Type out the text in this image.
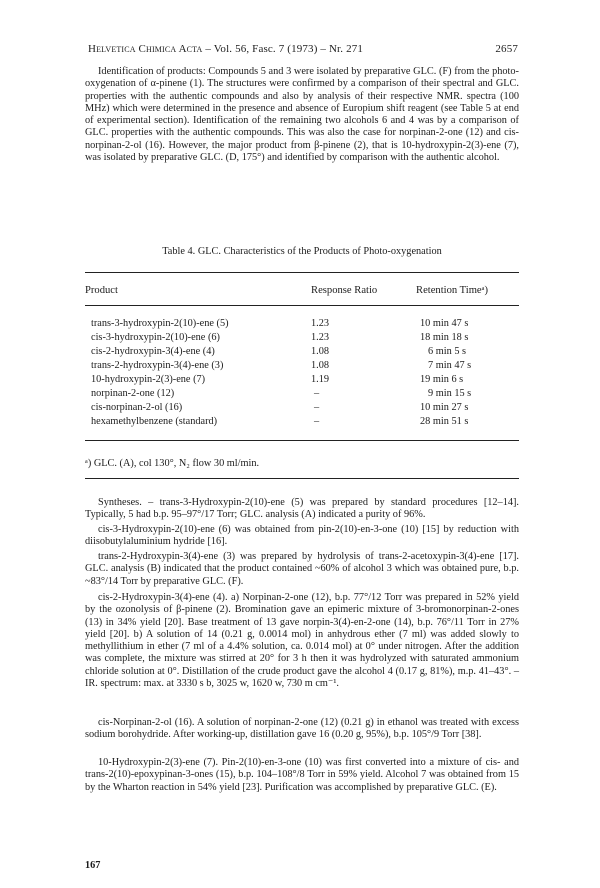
Helvetica Chimica Acta – Vol. 56, Fasc. 7 (1973) – Nr. 271	2657

Identification of products: Compounds 5 and 3 were isolated by preparative GLC. (F) from the photo-oxygenation of α-pinene (1). The structures were confirmed by a comparison of their spectral and GLC. properties with the authentic compounds and also by analysis of their respective NMR. spectra (100 MHz) which were determined in the presence and absence of Europium shift reagent (see Table 5 at end of experimental section). Identification of the remaining two alcohols 6 and 4 was by a comparison of GLC. properties with the authentic compounds. This was also the case for norpinan-2-one (12) and cis-norpinan-2-ol (16). However, the major product from β-pinene (2), that is 10-hydroxypin-2(3)-ene (7), was isolated by preparative GLC. (D, 175°) and identified by comparison with the authentic alcohol.

Table 4. GLC. Characteristics of the Products of Photo-oxygenation
Product	Response Ratio	Retention Timeᵃ)
trans-3-hydroxypin-2(10)-ene (5)	1.23	10 min 47 s
cis-3-hydroxypin-2(10)-ene (6)	1.23	18 min 18 s
cis-2-hydroxypin-3(4)-ene (4)	1.08	6 min 5 s
trans-2-hydroxypin-3(4)-ene (3)	1.08	7 min 47 s
10-hydroxypin-2(3)-ene (7)	1.19	19 min 6 s
norpinan-2-one (12)	–	9 min 15 s
cis-norpinan-2-ol (16)	–	10 min 27 s
hexamethylbenzene (standard)	–	28 min 51 s
ᵃ) GLC. (A), col 130°, N₂ flow 30 ml/min.

Syntheses. – trans-3-Hydroxypin-2(10)-ene (5) was prepared by standard procedures [12–14]. Typically, 5 had b.p. 95–97°/17 Torr; GLC. analysis (A) indicated a purity of 96%.

cis-3-Hydroxypin-2(10)-ene (6) was obtained from pin-2(10)-en-3-one (10) [15] by reduction with diisobutylaluminium hydride [16].

trans-2-Hydroxypin-3(4)-ene (3) was prepared by hydrolysis of trans-2-acetoxypin-3(4)-ene [17]. GLC. analysis (B) indicated that the product contained ~60% of alcohol 3 which was obtained pure, b.p. ~83°/14 Torr by preparative GLC. (F).

cis-2-Hydroxypin-3(4)-ene (4). a) Norpinan-2-one (12), b.p. 77°/12 Torr was prepared in 52% yield by the ozonolysis of β-pinene (2). Bromination gave an epimeric mixture of 3-bromonorpinan-2-ones (13) in 34% yield [20]. Base treatment of 13 gave norpin-3(4)-en-2-one (14), b.p. 76°/11 Torr in 27% yield [20]. b) A solution of 14 (0.21 g, 0.0014 mol) in anhydrous ether (7 ml) was added slowly to methyllithium in ether (7 ml of a 4.4% solution, ca. 0.014 mol) at 0° under nitrogen. After the addition was complete, the mixture was stirred at 20° for 3 h then it was hydrolyzed with saturated ammonium chloride solution at 0°. Distillation of the crude product gave the alcohol 4 (0.17 g, 81%), m.p. 41–43°. – IR. spectrum: max. at 3330 s b, 3025 w, 1620 w, 730 m cm⁻¹.

cis-Norpinan-2-ol (16). A solution of norpinan-2-one (12) (0.21 g) in ethanol was treated with excess sodium borohydride. After working-up, distillation gave 16 (0.20 g, 95%), b.p. 105°/9 Torr [38].

10-Hydroxypin-2(3)-ene (7). Pin-2(10)-en-3-one (10) was first converted into a mixture of cis- and trans-2(10)-epoxypinan-3-ones (15), b.p. 104–108°/8 Torr in 59% yield. Alcohol 7 was obtained from 15 by the Wharton reaction in 54% yield [23]. Purification was accomplished by preparative GLC. (E).

167
